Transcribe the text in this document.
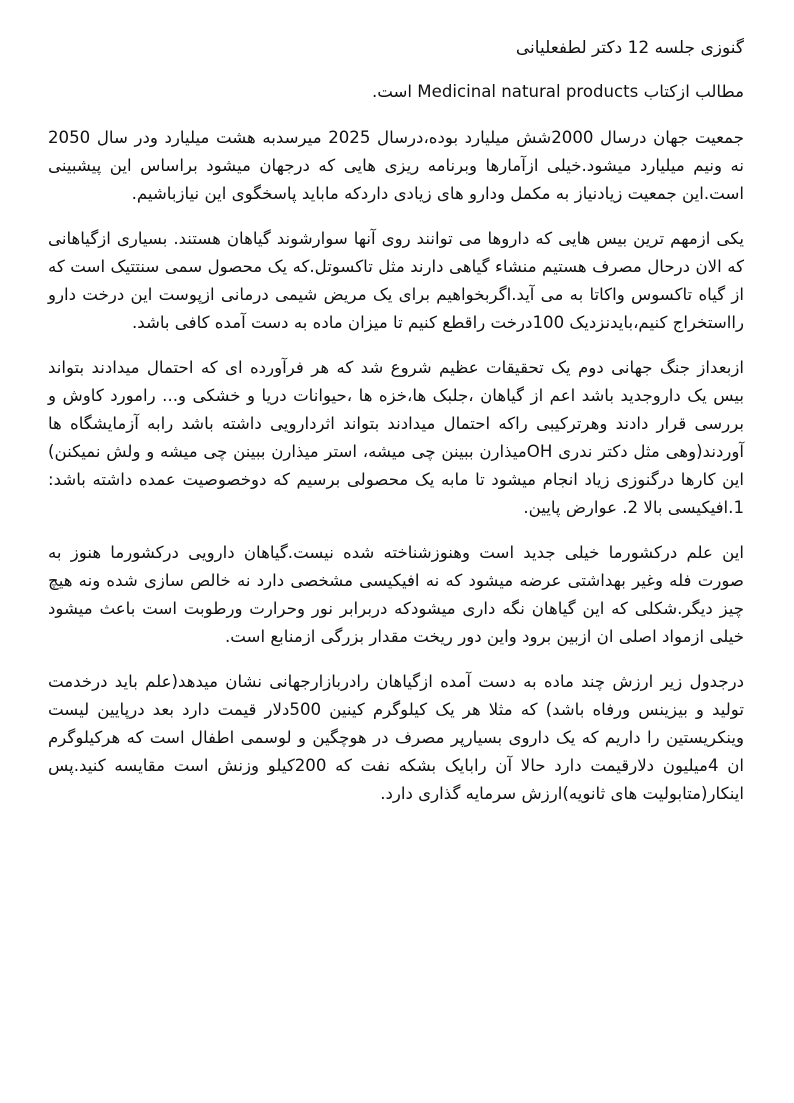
گنوزی جلسه 12 دکتر لطفعلیانی

مطالب ازکتاب Medicinal natural products است.

جمعیت جهان درسال 2000شش میلیارد بوده،درسال 2025 میرسدبه هشت میلیارد ودر سال 2050 نه ونیم میلیارد میشود.خیلی ازآمارها وبرنامه ریزی هایی که درجهان میشود براساس این پیشبینی است.این جمعیت زیادنیاز به مکمل ودارو های زیادی داردکه ماباید پاسخگوی این نیازباشیم.

یکی ازمهم ترین بیس هایی که داروها می توانند روی آنها سوارشوند گیاهان هستند. بسیاری ازگیاهانی که الان درحال مصرف هستیم منشاء گیاهی دارند مثل تاکسوتل.که یک محصول سمی سنتتیک است که از گیاه تاکسوس واکاتا به می آید.اگربخواهیم برای یک مریض شیمی درمانی ازپوست این درخت دارو رااستخراج کنیم،بایدنزدیک 100درخت راقطع کنیم تا میزان ماده به دست آمده کافی باشد.

ازبعداز جنگ جهانی دوم یک تحقیقات عظیم شروع شد که هر فرآورده ای که احتمال میدادند بتواند بیس یک داروجدید باشد اعم از گیاهان ،جلبک ها،خزه ها ،حیوانات دریا و خشکی و... رامورد کاوش و بررسی قرار دادند وهرترکیبی راکه احتمال میدادند بتواند اثردارویی داشته باشد رابه آزمایشگاه ها آوردند(وهی مثل دکتر ندری OHمیذارن ببینن چی میشه، استر میذارن ببینن چی میشه و ولش نمیکنن) این کارها درگنوزی زیاد انجام میشود تا مابه یک محصولی برسیم که دوخصوصیت عمده داشته باشد: 1.افیکیسی بالا 2. عوارض پایین.

این علم درکشورما خیلی جدید است وهنوزشناخته شده نیست.گیاهان دارویی درکشورما هنوز به صورت فله وغیر بهداشتی عرضه میشود که نه افیکیسی مشخصی دارد نه خالص سازی شده ونه هیچ چیز دیگر.شکلی که این گیاهان نگه داری میشودکه دربرابر نور وحرارت ورطوبت است باعث میشود خیلی ازمواد اصلی ان ازبین برود واین دور ریخت مقدار بزرگی ازمنابع است.

درجدول زیر ارزش چند ماده به دست آمده ازگیاهان رادربازارجهانی نشان میدهد(علم باید درخدمت تولید و بیزینس ورفاه باشد) که مثلا هر یک کیلوگرم کینین 500دلار قیمت دارد بعد درپایین لیست وینکریستین را داریم که یک داروی بسیارپر مصرف در هوچگین و لوسمی اطفال است که هرکیلوگرم ان 4میلیون دلارقیمت دارد حالا آن رابایک بشکه نفت که 200کیلو وزنش است مقایسه کنید.پس اینکار(متابولیت های ثانویه)ارزش سرمایه گذاری دارد.
